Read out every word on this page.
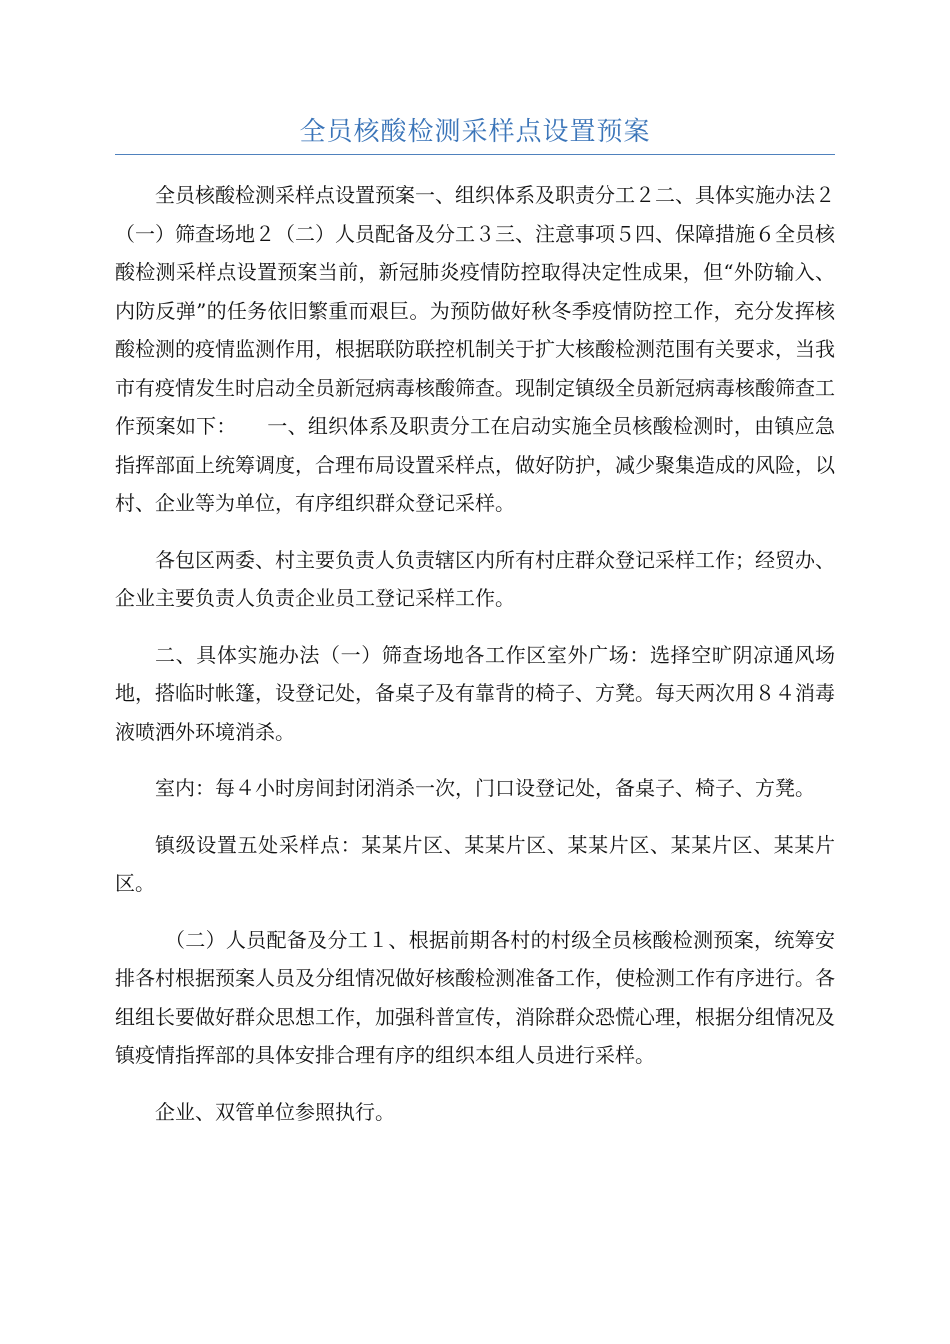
全员核酸检测采样点设置预案

全员核酸检测采样点设置预案一、组织体系及职责分工２二、具体实施办法２（一）筛查场地２（二）人员配备及分工３三、注意事项５四、保障措施６全员核酸检测采样点设置预案当前，新冠肺炎疫情防控取得决定性成果，但“外防输入、内防反弹”的任务依旧繁重而艰巨。为预防做好秋冬季疫情防控工作，充分发挥核酸检测的疫情监测作用，根据联防联控机制关于扩大核酸检测范围有关要求，当我市有疫情发生时启动全员新冠病毒核酸筛查。现制定镇级全员新冠病毒核酸筛查工作预案如下：　　一、组织体系及职责分工在启动实施全员核酸检测时，由镇应急指挥部面上统筹调度，合理布局设置采样点，做好防护，减少聚集造成的风险，以村、企业等为单位，有序组织群众登记采样。

各包区两委、村主要负责人负责辖区内所有村庄群众登记采样工作；经贸办、企业主要负责人负责企业员工登记采样工作。

二、具体实施办法（一）筛查场地各工作区室外广场：选择空旷阴凉通风场地，搭临时帐篷，设登记处，备桌子及有靠背的椅子、方凳。每天两次用８４消毒液喷洒外环境消杀。

室内：每４小时房间封闭消杀一次，门口设登记处，备桌子、椅子、方凳。

镇级设置五处采样点：某某片区、某某片区、某某片区、某某片区、某某片区。

（二）人员配备及分工１、根据前期各村的村级全员核酸检测预案，统筹安排各村根据预案人员及分组情况做好核酸检测准备工作，使检测工作有序进行。各组组长要做好群众思想工作，加强科普宣传，消除群众恐慌心理，根据分组情况及镇疫情指挥部的具体安排合理有序的组织本组人员进行采样。

企业、双管单位参照执行。
